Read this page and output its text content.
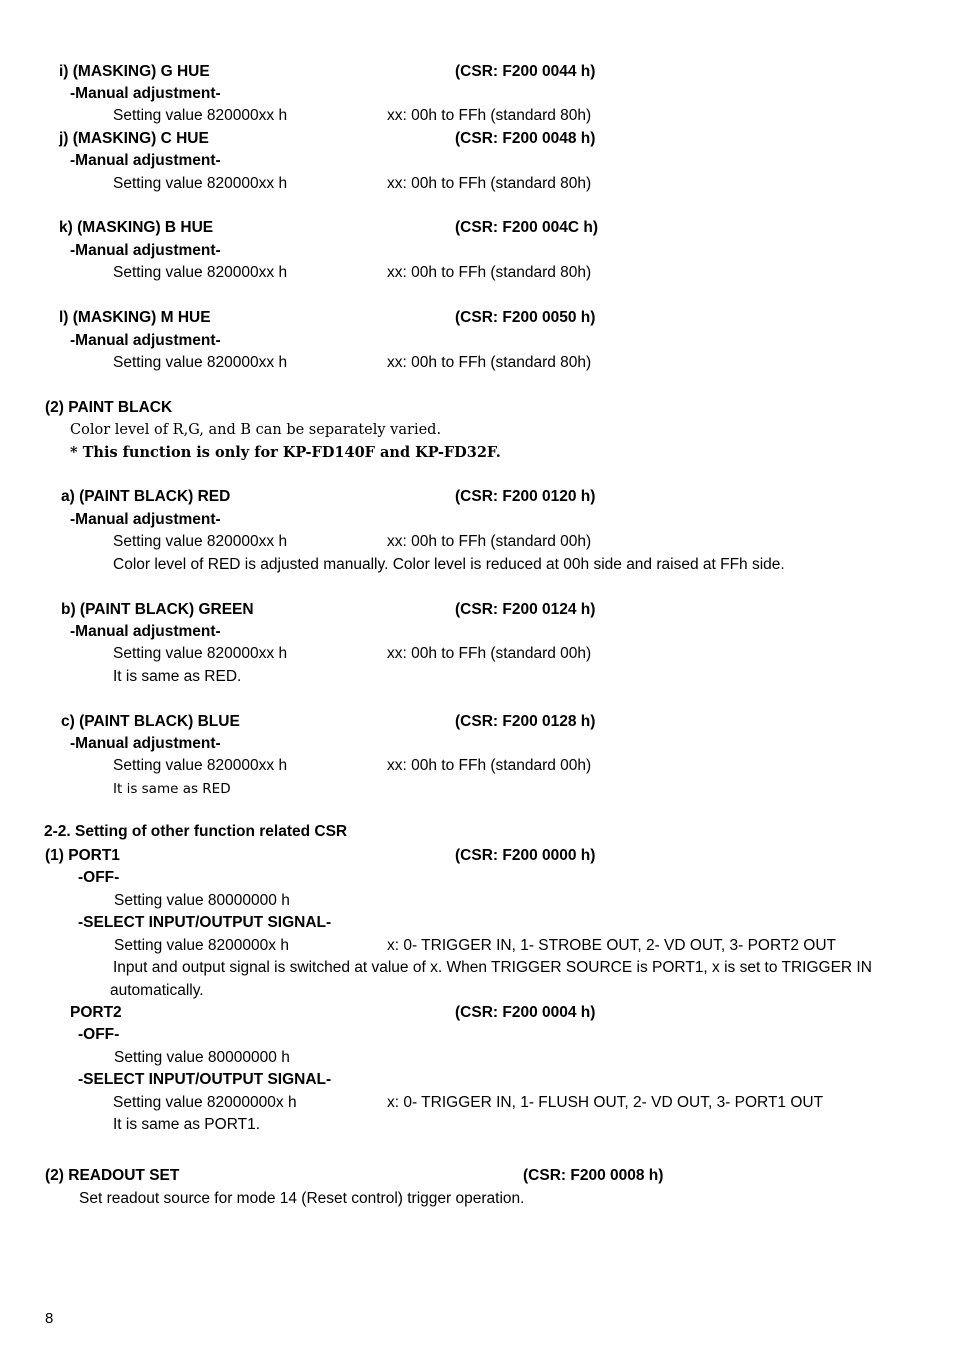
i) (MASKING) G HUE	(CSR: F200 0044 h)
-Manual adjustment-
Setting value 820000xx h	xx: 00h to FFh (standard 80h)
j) (MASKING) C HUE	(CSR: F200 0048 h)
-Manual adjustment-
Setting value 820000xx h	xx: 00h to FFh (standard 80h)
k) (MASKING) B HUE	(CSR: F200 004C h)
-Manual adjustment-
Setting value 820000xx h	xx: 00h to FFh (standard 80h)
l) (MASKING) M HUE	(CSR: F200 0050 h)
-Manual adjustment-
Setting value 820000xx h	xx: 00h to FFh (standard 80h)
(2) PAINT BLACK
Color level of R,G, and B can be separately varied.
* This function is only for KP-FD140F and KP-FD32F.
a) (PAINT BLACK) RED	(CSR: F200 0120 h)
-Manual adjustment-
Setting value 820000xx h	xx: 00h to FFh (standard 00h)
Color level of RED is adjusted manually. Color level is reduced at 00h side and raised at FFh side.
b) (PAINT BLACK) GREEN	(CSR: F200 0124 h)
-Manual adjustment-
Setting value 820000xx h	xx: 00h to FFh (standard 00h)
It is same as RED.
c) (PAINT BLACK) BLUE	(CSR: F200 0128 h)
-Manual adjustment-
Setting value 820000xx h	xx: 00h to FFh (standard 00h)
It is same as RED
2-2. Setting of other function related CSR
(1) PORT1	(CSR: F200 0000 h)
-OFF-
Setting value 80000000 h
-SELECT INPUT/OUTPUT SIGNAL-
Setting value 8200000x h	x: 0- TRIGGER IN, 1- STROBE OUT, 2- VD OUT, 3- PORT2 OUT
Input and output signal is switched at value of x. When TRIGGER SOURCE is PORT1, x is set to TRIGGER IN
automatically.
PORT2	(CSR: F200 0004 h)
-OFF-
Setting value 80000000 h
-SELECT INPUT/OUTPUT SIGNAL-
Setting value 82000000x h	x: 0- TRIGGER IN, 1- FLUSH OUT, 2- VD OUT, 3- PORT1 OUT
It is same as PORT1.
(2) READOUT SET	(CSR: F200 0008 h)
Set readout source for mode 14 (Reset control) trigger operation.
8
